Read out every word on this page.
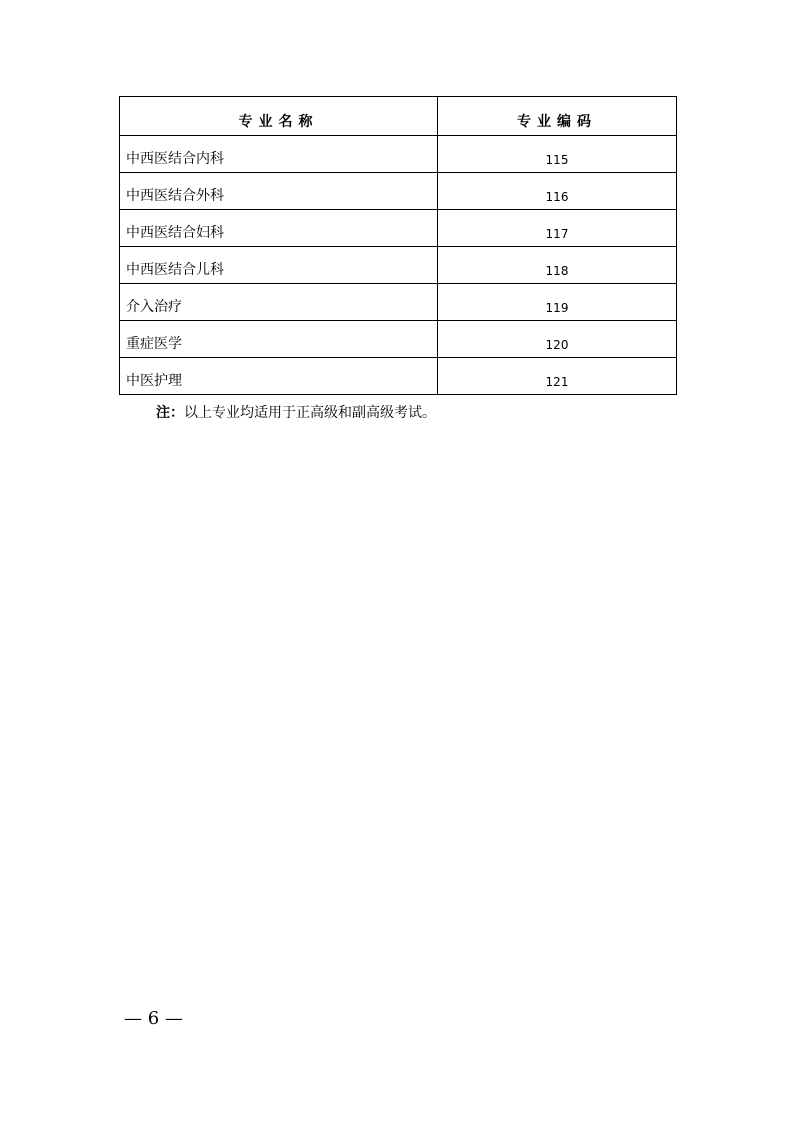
专业名称	专业编码
中西医结合内科	115
中西医结合外科	116
中西医结合妇科	117
中西医结合儿科	118
介入治疗	119
重症医学	120
中医护理	121
注：以上专业均适用于正高级和副高级考试。
— 6 —
